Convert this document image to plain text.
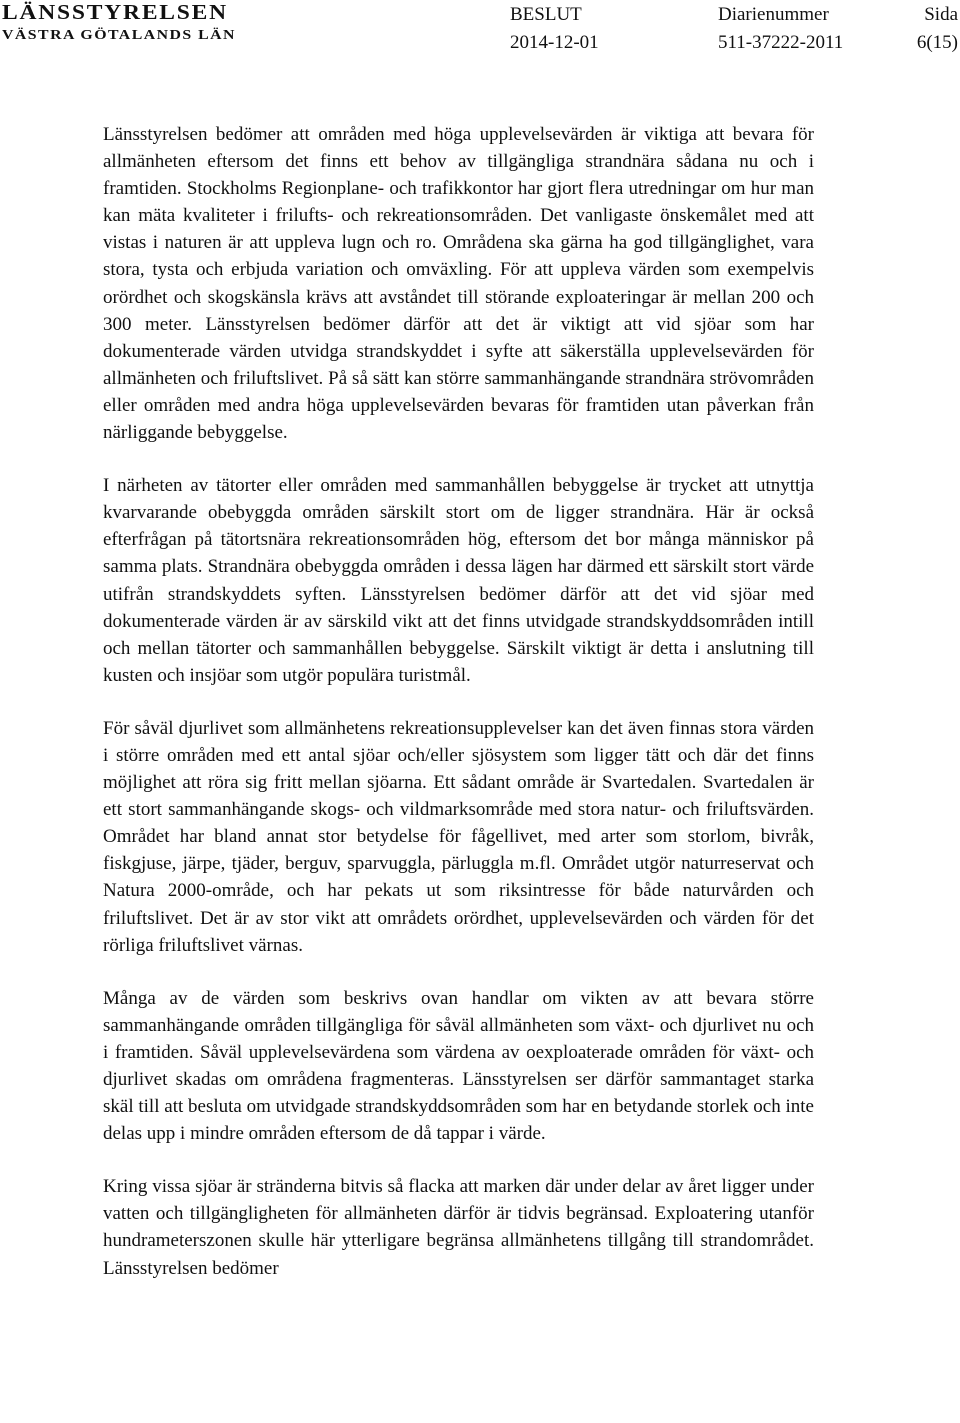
LÄNSSTYRELSEN
VÄSTRA GÖTALANDS LÄN
BESLUT
2014-12-01
Diarienummer
511-37222-2011
Sida
6(15)

Länsstyrelsen bedömer att områden med höga upplevelsevärden är viktiga att bevara för allmänheten eftersom det finns ett behov av tillgängliga strandnära sådana nu och i framtiden. Stockholms Regionplane- och trafikkontor har gjort flera utredningar om hur man kan mäta kvaliteter i frilufts- och rekreationsområden. Det vanligaste önskemålet med att vistas i naturen är att uppleva lugn och ro. Områdena ska gärna ha god tillgänglighet, vara stora, tysta och erbjuda variation och omväxling. För att uppleva värden som exempelvis orördhet och skogskänsla krävs att avståndet till störande exploateringar är mellan 200 och 300 meter. Länsstyrelsen bedömer därför att det är viktigt att vid sjöar som har dokumenterade värden utvidga strandskyddet i syfte att säkerställa upplevelsevärden för allmänheten och friluftslivet. På så sätt kan större sammanhängande strandnära strövområden eller områden med andra höga upplevelsevärden bevaras för framtiden utan påverkan från närliggande bebyggelse.

I närheten av tätorter eller områden med sammanhållen bebyggelse är trycket att utnyttja kvarvarande obebyggda områden särskilt stort om de ligger strandnära. Här är också efterfrågan på tätortsnära rekreationsområden hög, eftersom det bor många människor på samma plats. Strandnära obebyggda områden i dessa lägen har därmed ett särskilt stort värde utifrån strandskyddets syften. Länsstyrelsen bedömer därför att det vid sjöar med dokumenterade värden är av särskild vikt att det finns utvidgade strandskyddsområden intill och mellan tätorter och sammanhållen bebyggelse. Särskilt viktigt är detta i anslutning till kusten och insjöar som utgör populära turistmål.

För såväl djurlivet som allmänhetens rekreationsupplevelser kan det även finnas stora värden i större områden med ett antal sjöar och/eller sjösystem som ligger tätt och där det finns möjlighet att röra sig fritt mellan sjöarna. Ett sådant område är Svartedalen. Svartedalen är ett stort sammanhängande skogs- och vildmarksområde med stora natur- och friluftsvärden. Området har bland annat stor betydelse för fågellivet, med arter som storlom, bivråk, fiskgjuse, järpe, tjäder, berguv, sparvuggla, pärluggla m.fl. Området utgör naturreservat och Natura 2000-område, och har pekats ut som riksintresse för både naturvården och friluftslivet. Det är av stor vikt att områdets orördhet, upplevelsevärden och värden för det rörliga friluftslivet värnas.

Många av de värden som beskrivs ovan handlar om vikten av att bevara större sammanhängande områden tillgängliga för såväl allmänheten som växt- och djurlivet nu och i framtiden. Såväl upplevelsevärdena som värdena av oexploaterade områden för växt- och djurlivet skadas om områdena fragmenteras. Länsstyrelsen ser därför sammantaget starka skäl till att besluta om utvidgade strandskyddsområden som har en betydande storlek och inte delas upp i mindre områden eftersom de då tappar i värde.

Kring vissa sjöar är stränderna bitvis så flacka att marken där under delar av året ligger under vatten och tillgängligheten för allmänheten därför är tidvis begränsad. Exploatering utanför hundrameterszonen skulle här ytterligare begränsa allmänhetens tillgång till strandområdet. Länsstyrelsen bedömer
